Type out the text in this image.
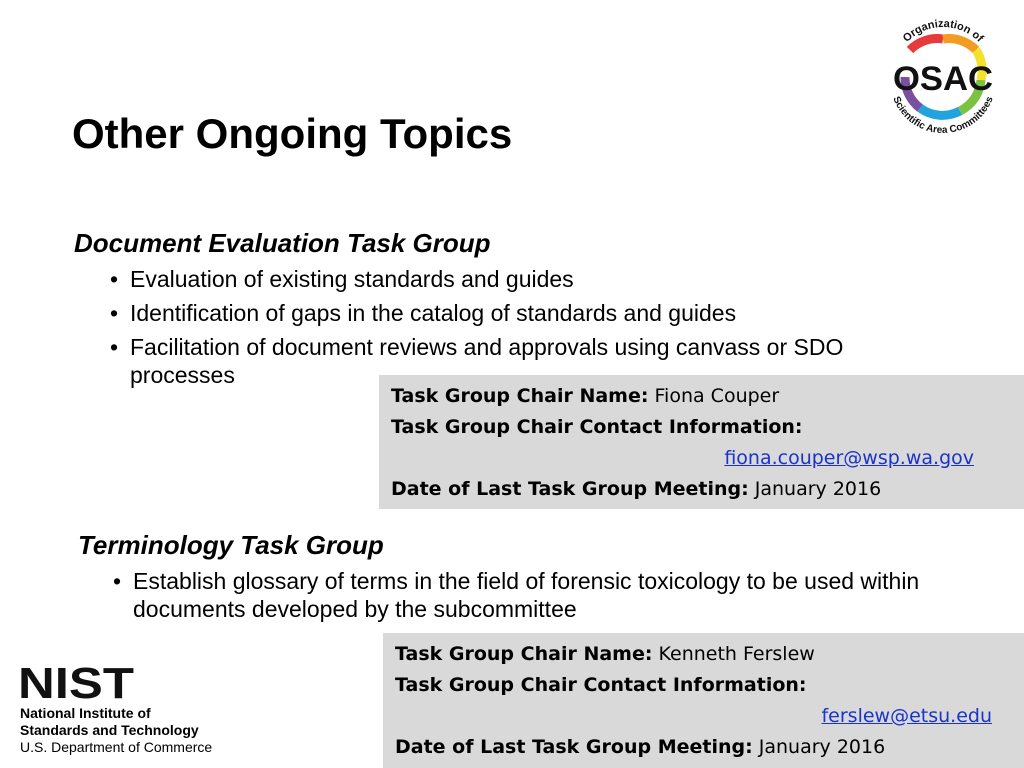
Organization of
Scientific Area Committees
OSAC
Other Ongoing Topics
Document Evaluation Task Group
• Evaluation of existing standards and guides
• Identification of gaps in the catalog of standards and guides
• Facilitation of document reviews and approvals using canvass or SDO processes
Task Group Chair Name: Fiona Couper
Task Group Chair Contact Information:
fiona.couper@wsp.wa.gov
Date of Last Task Group Meeting: January 2016
Terminology Task Group
• Establish glossary of terms in the field of forensic toxicology to be used within documents developed by the subcommittee
Task Group Chair Name: Kenneth Ferslew
Task Group Chair Contact Information:
ferslew@etsu.edu
Date of Last Task Group Meeting: January 2016
NIST
National Institute of
Standards and Technology
U.S. Department of Commerce
